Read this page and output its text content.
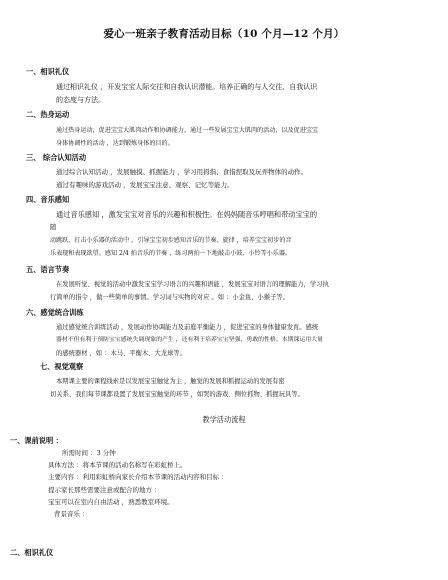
爱心一班亲子教育活动目标（10 个月—12 个月）
一、相识礼仪
通过相识礼仪 ，开发宝宝人际交往和自我认识潜能。培养正确的与人交往、自我认识
的态度与方法。
二、热身运动
通过热身运动，促进宝宝大肌肉动作和协调能力。通过一些发展宝宝大肌肉的活动，以及促进宝宝
身体协调性的活动 ，达到锻炼身体的目的。
三、 综合认知活动
通过综合认知活动 ，发展触摸、抓握能力 ，学习用拇指、食指捏取及玩弄物体的动作。
通过有趣味的游戏活动 ，发展宝宝注意、观察、记忆等能力。
四、音乐感知
通过音乐感知 ，激发宝宝对音乐的兴趣和积极性。在妈妈随音乐哼唱和带动宝宝的
随
动跳跃、打击小乐器的活动中 ，引导宝宝初步感知音乐的节奏、旋律 ，培养宝宝初步的音
乐表现和表现欲望。感知 2/4 拍音乐的节奏 ，练习两拍一下地敲击小鼓、小铃等小乐器。
五、语言节奏
在发展听觉、视觉的活动中激发宝宝学习语言的兴趣和语能 ，发展宝宝对语言的理解能力，学习执
行简单的指令 ，做一些简单的事情。学习词与实物的对应 。如 ：小金鱼、小猴子等。
六、感觉统合训练
通过感觉统合训练活动 ，发展动作协调能力及前庭平衡能力 ，促进宝宝的身体健康发育。感统
器材不但有利于预防宝宝感统失调现象的产生 ，还有利于培养宝宝坚强、勇敢的性格。本期课运用大量
的感统器材 ，如 ：木马、平衡木、大龙球等。
七、视觉观察
本期课主要的课程线索是以发展宝宝触觉为主 ，触觉的发展和抓握运动的发展有密
切关系、我们每节课都设置了发展宝宝触觉的环节 ，如哭的游戏、侧位抓物、抓握玩具等。
教学活动流程
一、课前说明 ：
所需时间 ：3 分钟
具体方法 ：将本节课的活动名称写在彩虹桥上。
主要内容 ：利用彩虹桥向家长介绍本节课的活动内容和目标 ：
提示家长那些需要注意或配合的地方 ：
宝宝可以在室内自由活动 ，熟悉教室环境。
背景音乐 ：
二、相识礼仪
